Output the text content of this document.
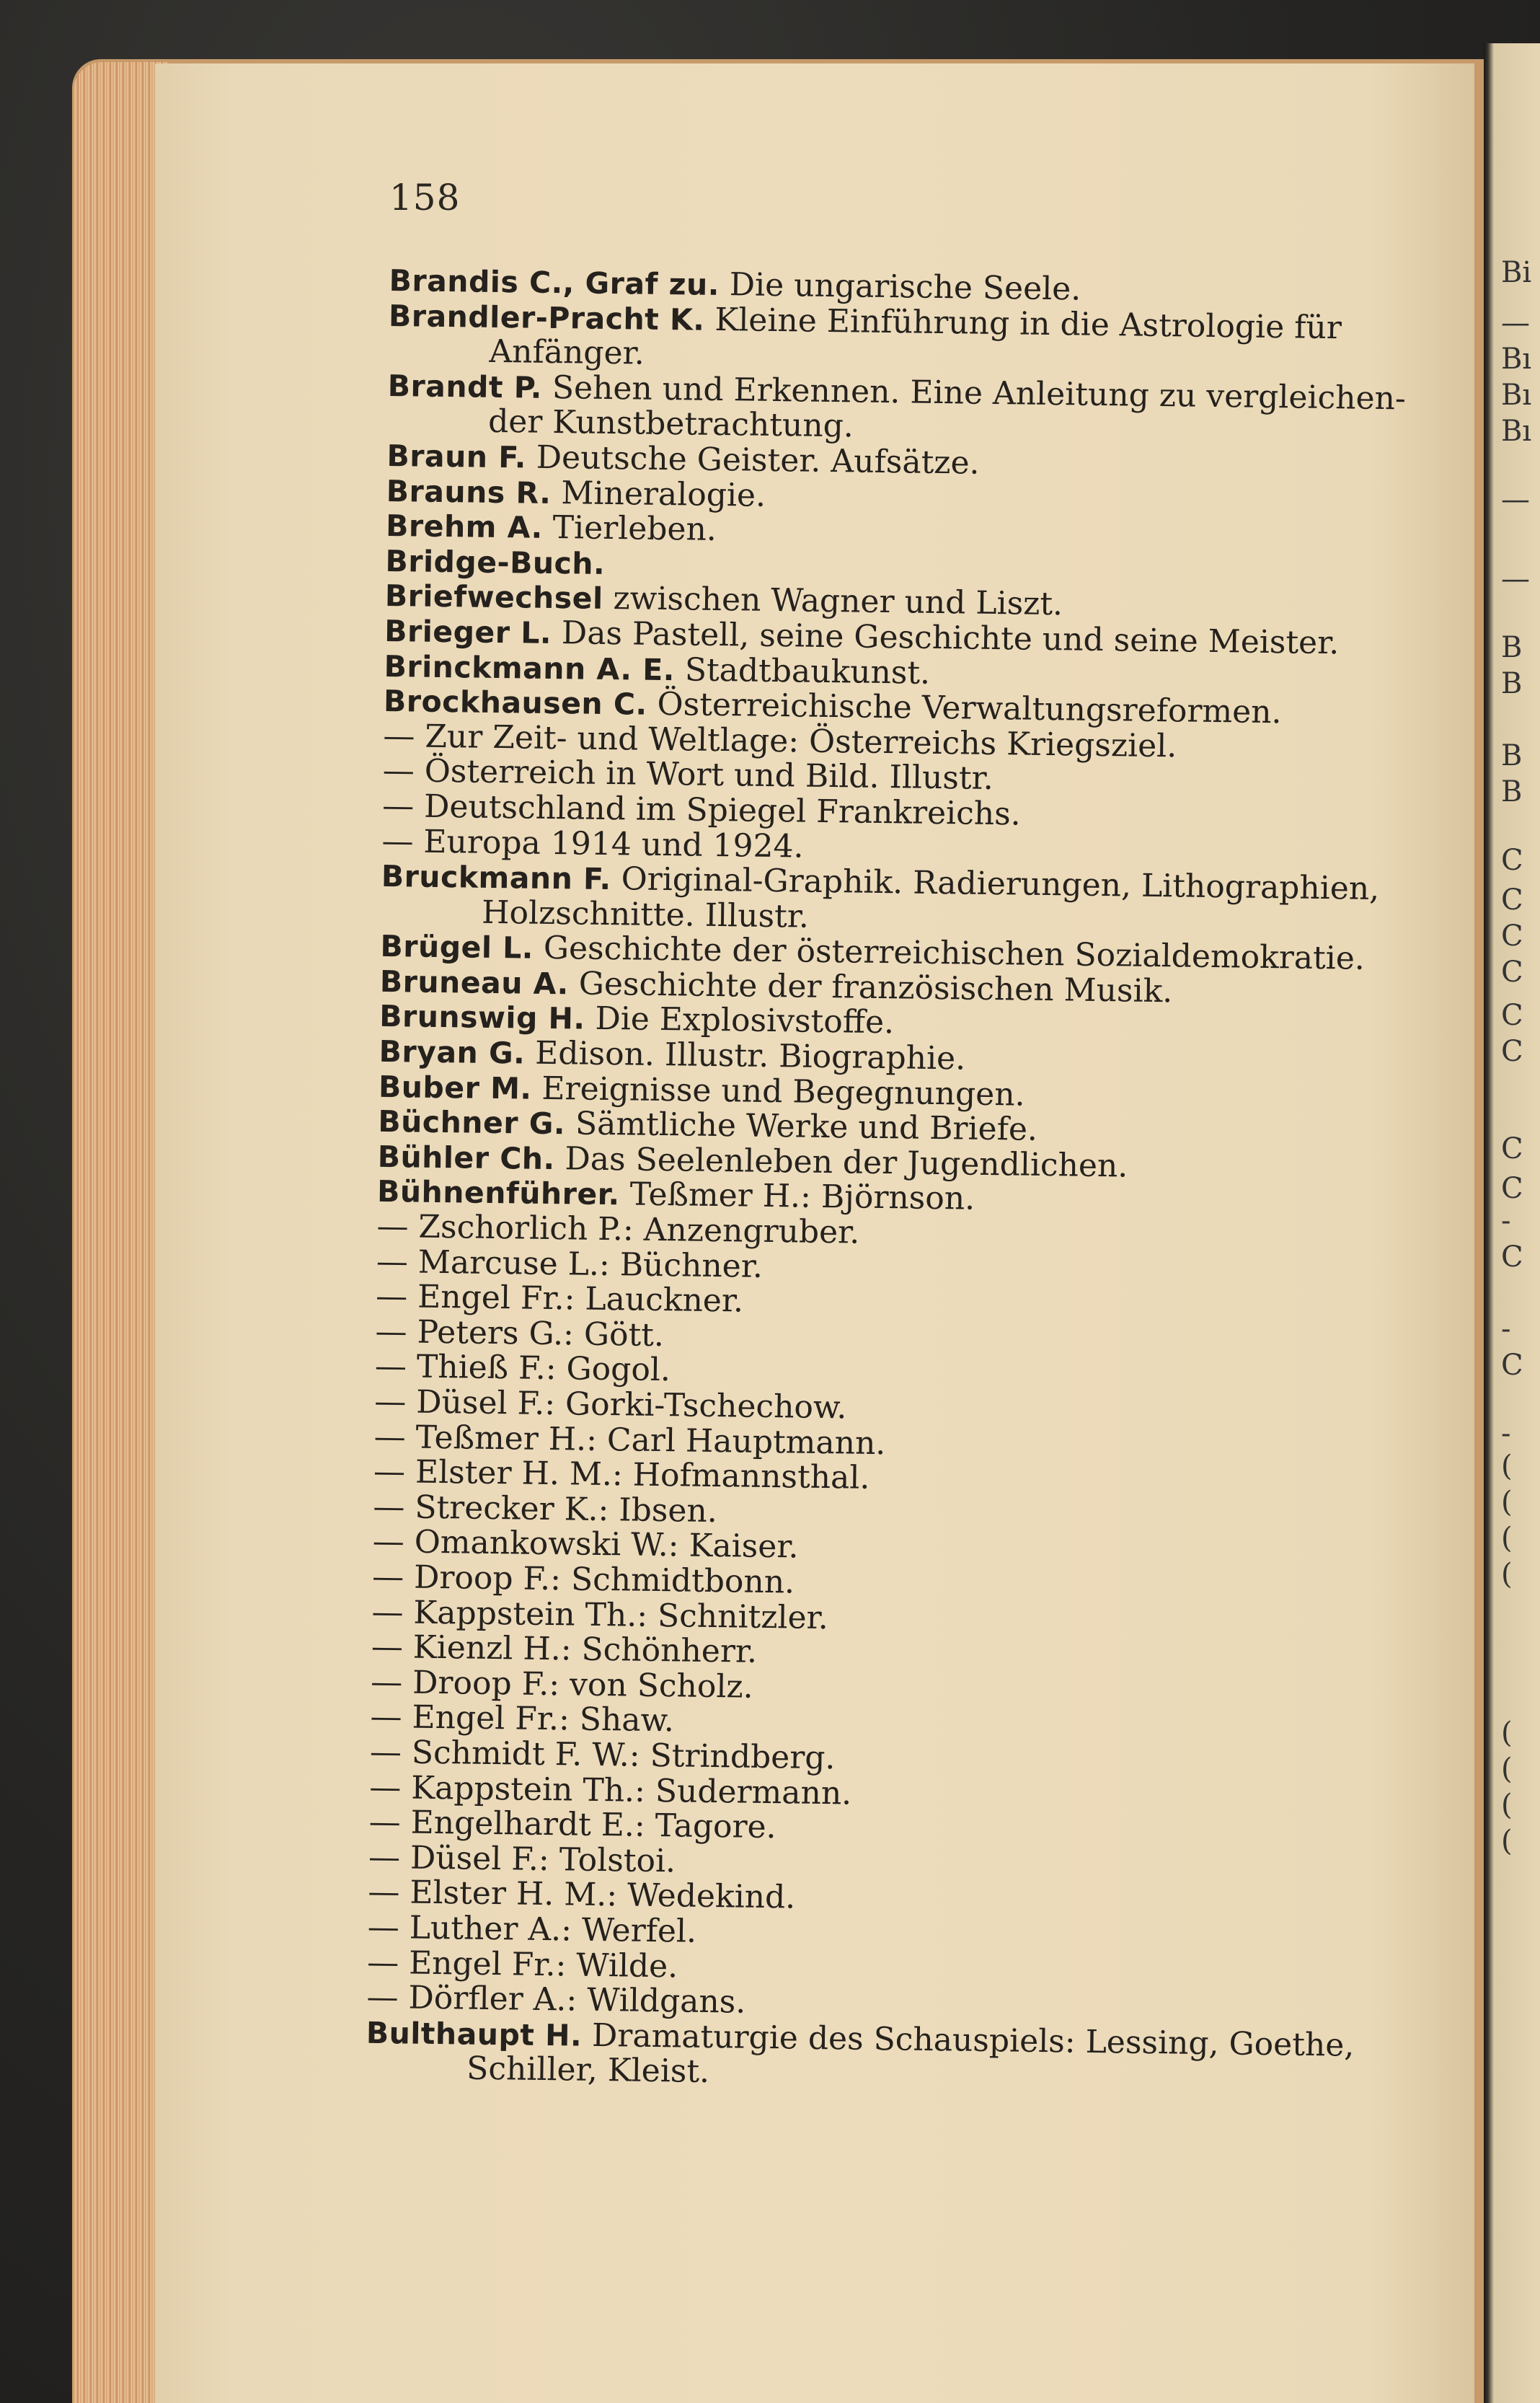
Bi
—
Bı
Bı
Bı
—
—
B
B
B
B
C
C
C
C
C
C
C
C
-
C
-
C
-
(
(
(
(
(
(
(
(
158
Brandis C., Graf zu. Die ungarische Seele.
Brandler-Pracht K. Kleine Einführung in die Astrologie für
Anfänger.
Brandt P. Sehen und Erkennen. Eine Anleitung zu vergleichen-
der Kunstbetrachtung.
Braun F. Deutsche Geister. Aufsätze.
Brauns R. Mineralogie.
Brehm A. Tierleben.
Bridge-Buch.
Briefwechsel zwischen Wagner und Liszt.
Brieger L. Das Pastell, seine Geschichte und seine Meister.
Brinckmann A. E. Stadtbaukunst.
Brockhausen C. Österreichische Verwaltungsreformen.
— Zur Zeit- und Weltlage: Österreichs Kriegsziel.
— Österreich in Wort und Bild. Illustr.
— Deutschland im Spiegel Frankreichs.
— Europa 1914 und 1924.
Bruckmann F. Original-Graphik. Radierungen, Lithographien,
Holzschnitte. Illustr.
Brügel L. Geschichte der österreichischen Sozialdemokratie.
Bruneau A. Geschichte der französischen Musik.
Brunswig H. Die Explosivstoffe.
Bryan G. Edison. Illustr. Biographie.
Buber M. Ereignisse und Begegnungen.
Büchner G. Sämtliche Werke und Briefe.
Bühler Ch. Das Seelenleben der Jugendlichen.
Bühnenführer. Teßmer H.: Björnson.
— Zschorlich P.: Anzengruber.
— Marcuse L.: Büchner.
— Engel Fr.: Lauckner.
— Peters G.: Gött.
— Thieß F.: Gogol.
— Düsel F.: Gorki-Tschechow.
— Teßmer H.: Carl Hauptmann.
— Elster H. M.: Hofmannsthal.
— Strecker K.: Ibsen.
— Omankowski W.: Kaiser.
— Droop F.: Schmidtbonn.
— Kappstein Th.: Schnitzler.
— Kienzl H.: Schönherr.
— Droop F.: von Scholz.
— Engel Fr.: Shaw.
— Schmidt F. W.: Strindberg.
— Kappstein Th.: Sudermann.
— Engelhardt E.: Tagore.
— Düsel F.: Tolstoi.
— Elster H. M.: Wedekind.
— Luther A.: Werfel.
— Engel Fr.: Wilde.
— Dörfler A.: Wildgans.
Bulthaupt H. Dramaturgie des Schauspiels: Lessing, Goethe,
Schiller, Kleist.
